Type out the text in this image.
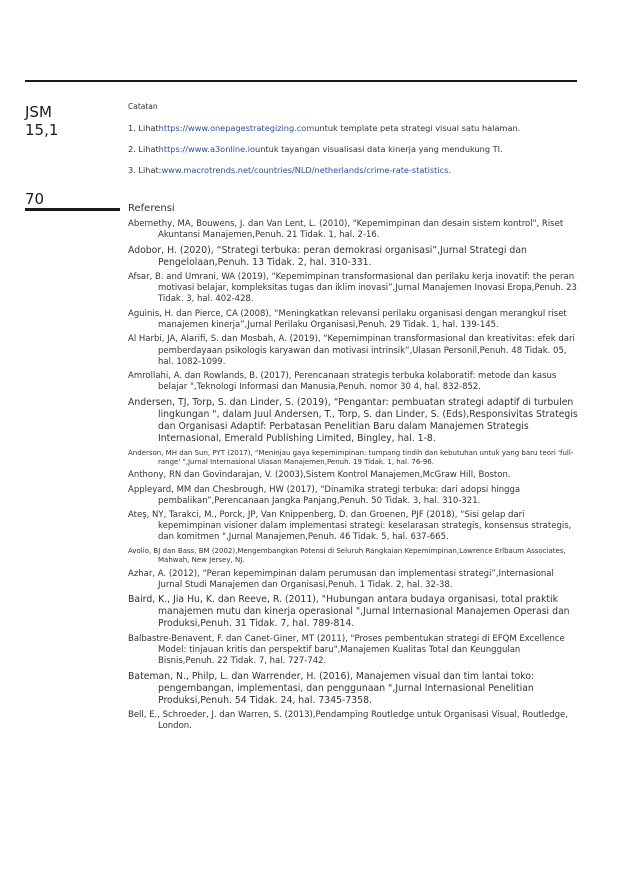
JSM
15,1
70
Catatan
1. Lihathttps://www.onepagestrategizing.comuntuk template peta strategi visual satu halaman.
2. Lihathttps://www.a3online.iountuk tayangan visualisasi data kinerja yang mendukung TI.
3. Lihat:www.macrotrends.net/countries/NLD/netherlands/crime-rate-statistics.
Referensi
Abernethy, MA, Bouwens, J. dan Van Lent, L. (2010), "Kepemimpinan dan desain sistem kontrol", Riset Akuntansi Manajemen,Penuh. 21 Tidak. 1, hal. 2-16.
Adobor, H. (2020), “Strategi terbuka: peran demokrasi organisasi”,Jurnal Strategi dan Pengelolaan,Penuh. 13 Tidak. 2, hal. 310-331.
Afsar, B. and Umrani, WA (2019), “Kepemimpinan transformasional dan perilaku kerja inovatif: the peran motivasi belajar, kompleksitas tugas dan iklim inovasi”,Jurnal Manajemen Inovasi Eropa,Penuh. 23 Tidak. 3, hal. 402-428.
Aguinis, H. dan Pierce, CA (2008), “Meningkatkan relevansi perilaku organisasi dengan merangkul riset manajemen kinerja”,Jurnal Perilaku Organisasi,Penuh. 29 Tidak. 1, hal. 139-145.
Al Harbi, JA, Alarifi, S. dan Mosbah, A. (2019), “Kepemimpinan transformasional dan kreativitas: efek dari pemberdayaan psikologis karyawan dan motivasi intrinsik”,Ulasan Personil,Penuh. 48 Tidak. 05, hal. 1082-1099.
Amrollahi, A. dan Rowlands, B. (2017), Perencanaan strategis terbuka kolaboratif: metode dan kasus belajar ",Teknologi Informasi dan Manusia,Penuh. nomor 30 4, hal. 832-852.
Andersen, TJ, Torp, S. dan Linder, S. (2019), “Pengantar: pembuatan strategi adaptif di turbulen lingkungan ", dalam Juul Andersen, T., Torp, S. dan Linder, S. (Eds),Responsivitas Strategis dan Organisasi Adaptif: Perbatasan Penelitian Baru dalam Manajemen Strategis Internasional, Emerald Publishing Limited, Bingley, hal. 1-8.
Anderson, MH dan Sun, PYT (2017), “Meninjau gaya kepemimpinan: tumpang tindih dan kebutuhan untuk yang baru teori 'full-range' ",Jurnal Internasional Ulasan Manajemen,Penuh. 19 Tidak. 1, hal. 76-96.
Anthony, RN dan Govindarajan, V. (2003),Sistem Kontrol Manajemen,McGraw Hill, Boston.
Appleyard, MM dan Chesbrough, HW (2017), “Dinamika strategi terbuka: dari adopsi hingga pembalikan”,Perencanaan Jangka Panjang,Penuh. 50 Tidak. 3, hal. 310-321.
Ateş, NY, Tarakci, M., Porck, JP, Van Knippenberg, D. dan Groenen, PJF (2018), “Sisi gelap dari kepemimpinan visioner dalam implementasi strategi: keselarasan strategis, konsensus strategis, dan komitmen ",Jurnal Manajemen,Penuh. 46 Tidak. 5, hal. 637-665.
Avolio, BJ dan Bass, BM (2002),Mengembangkan Potensi di Seluruh Rangkaian Kepemimpinan,Lawrence Erlbaum Associates, Mahwah, New Jersey, NJ.
Azhar, A. (2012), “Peran kepemimpinan dalam perumusan dan implementasi strategi”,Internasional Jurnal Studi Manajemen dan Organisasi,Penuh. 1 Tidak. 2, hal. 32-38.
Baird, K., Jia Hu, K. dan Reeve, R. (2011), "Hubungan antara budaya organisasi, total praktik manajemen mutu dan kinerja operasional ",Jurnal Internasional Manajemen Operasi dan Produksi,Penuh. 31 Tidak. 7, hal. 789-814.
Balbastre-Benavent, F. dan Canet-Giner, MT (2011), "Proses pembentukan strategi di EFQM Excellence Model: tinjauan kritis dan perspektif baru",Manajemen Kualitas Total dan Keunggulan Bisnis,Penuh. 22 Tidak. 7, hal. 727-742.
Bateman, N., Philp, L. dan Warrender, H. (2016), Manajemen visual dan tim lantai toko: pengembangan, implementasi, dan penggunaan ",Jurnal Internasional Penelitian Produksi,Penuh. 54 Tidak. 24, hal. 7345-7358.
Bell, E., Schroeder, J. dan Warren, S. (2013),Pendamping Routledge untuk Organisasi Visual, Routledge, London.
